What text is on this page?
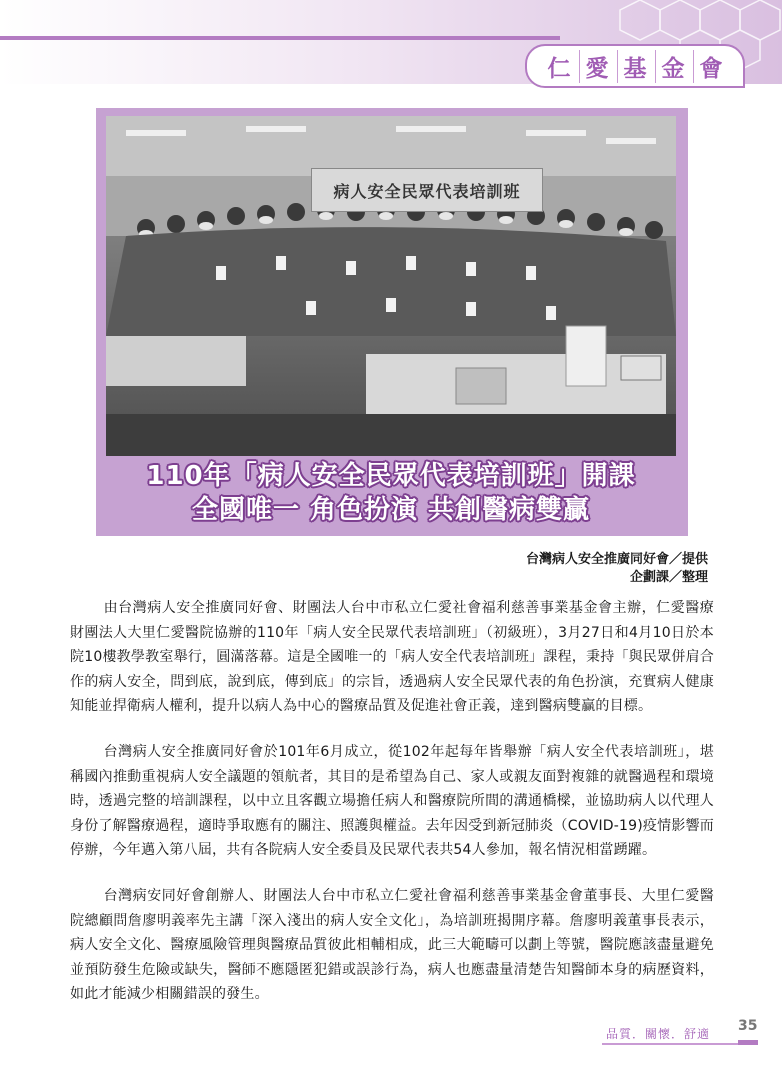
仁 愛 基 金 會
病人安全民眾代表培訓班
110年「病人安全民眾代表培訓班」開課
全國唯一 角色扮演 共創醫病雙贏
台灣病人安全推廣同好會／提供
企劃課／整理

由台灣病人安全推廣同好會、財團法人台中市私立仁愛社會福利慈善事業基金會主辦，仁愛醫療財團法人大里仁愛醫院協辦的110年「病人安全民眾代表培訓班」（初級班），3月27日和4月10日於本院10樓教學教室舉行，圓滿落幕。這是全國唯一的「病人安全代表培訓班」課程，秉持「與民眾併肩合作的病人安全，問到底，說到底，傳到底」的宗旨，透過病人安全民眾代表的角色扮演，充實病人健康知能並捍衛病人權利，提升以病人為中心的醫療品質及促進社會正義，達到醫病雙贏的目標。

台灣病人安全推廣同好會於101年6月成立，從102年起每年皆舉辦「病人安全代表培訓班」，堪稱國內推動重視病人安全議題的領航者，其目的是希望為自己、家人或親友面對複雜的就醫過程和環境時，透過完整的培訓課程，以中立且客觀立場擔任病人和醫療院所間的溝通橋樑，並協助病人以代理人身份了解醫療過程，適時爭取應有的關注、照護與權益。去年因受到新冠肺炎（COVID-19)疫情影響而停辦，今年邁入第八屆，共有各院病人安全委員及民眾代表共54人參加，報名情況相當踴躍。

台灣病安同好會創辦人、財團法人台中市私立仁愛社會福利慈善事業基金會董事長、大里仁愛醫院總顧問詹廖明義率先主講「深入淺出的病人安全文化」，為培訓班揭開序幕。詹廖明義董事長表示，病人安全文化、醫療風險管理與醫療品質彼此相輔相成，此三大範疇可以劃上等號，醫院應該盡量避免並預防發生危險或缺失，醫師不應隱匿犯錯或誤診行為，病人也應盡量清楚告知醫師本身的病歷資料，如此才能減少相關錯誤的發生。

品質．關懷．舒適 35
